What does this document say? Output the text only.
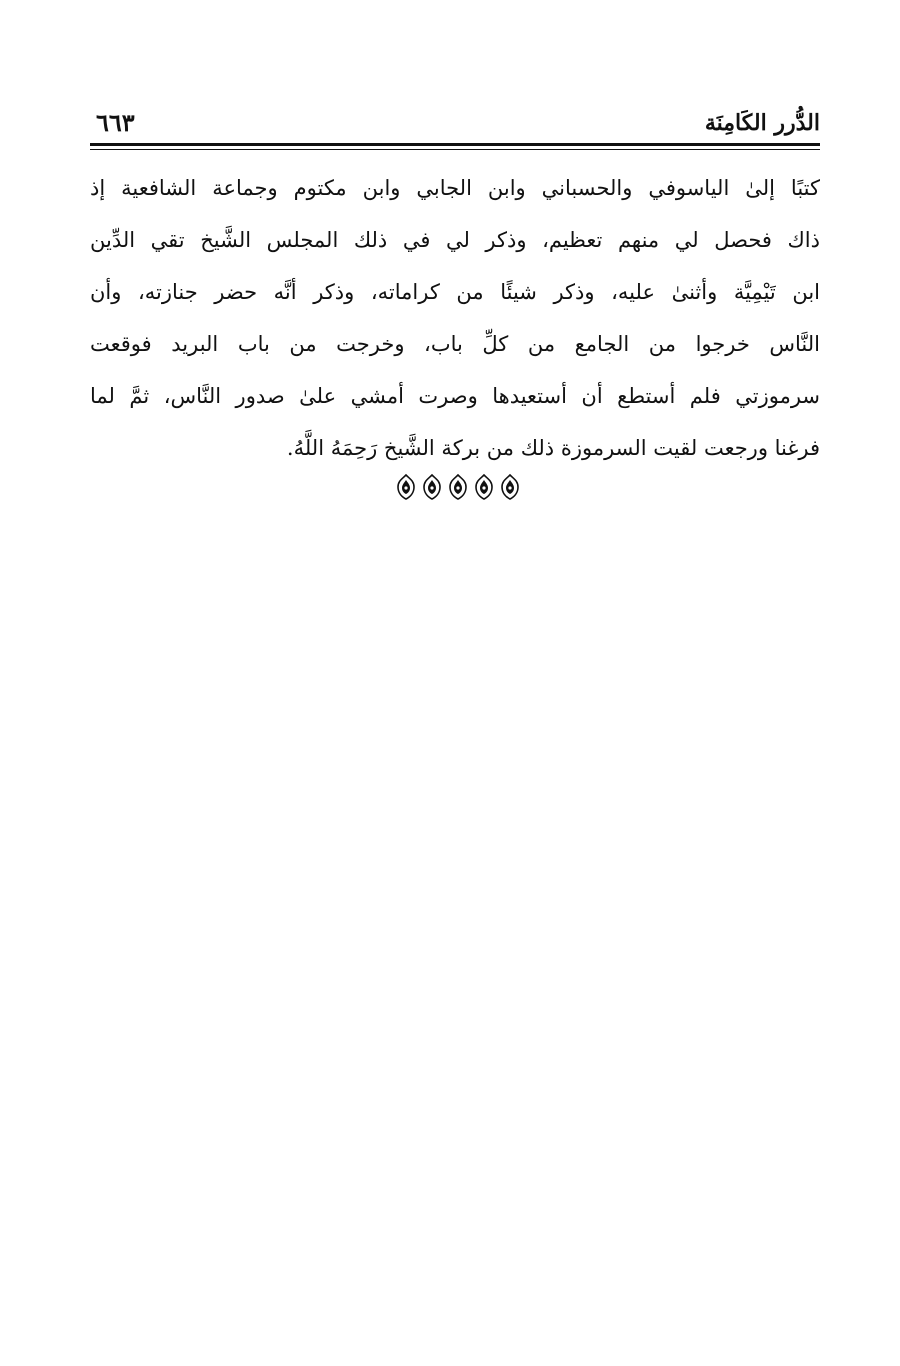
الدُّرر الكَامِنَة
٦٦٣
كتبًا إلىٰ الياسوفي والحسباني وابن الجابي وابن مكتوم وجماعة الشافعية إذ
ذاك فحصل لي منهم تعظيم، وذكر لي في ذلك المجلس الشَّيخ تقي الدِّين
ابن تَيْمِيَّة وأثنىٰ عليه، وذكر شيئًا من كراماته، وذكر أنَّه حضر جنازته، وأن
النَّاس خرجوا من الجامع من كلِّ باب، وخرجت من باب البريد فوقعت
سرموزتي فلم أستطع أن أستعيدها وصرت أمشي علىٰ صدور النَّاس، ثمَّ لما
فرغنا ورجعت لقيت السرموزة ذلك من بركة الشَّيخ رَحِمَهُ اللَّهُ.
